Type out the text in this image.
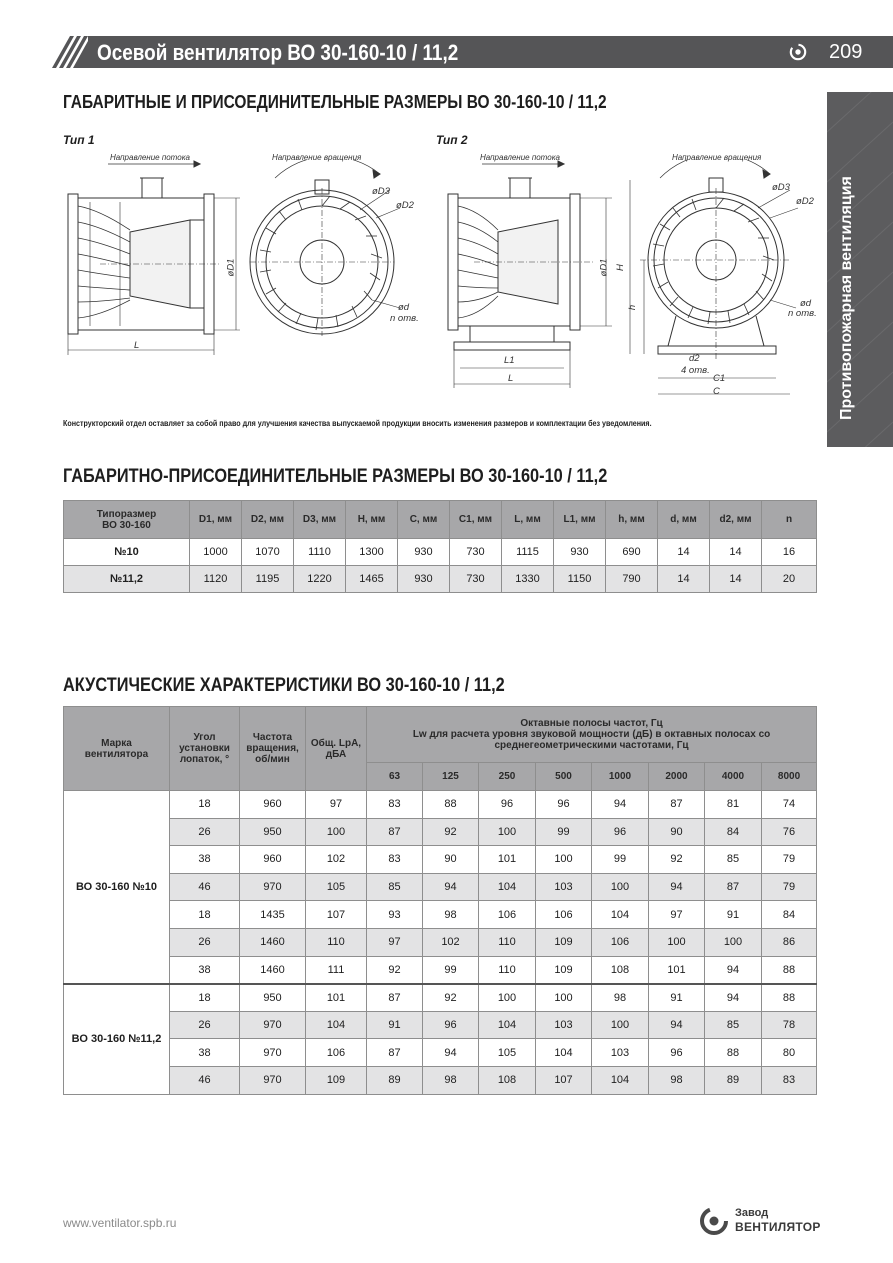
Осевой вентилятор ВО 30-160-10 / 11,2	209
Противопожарная вентиляция
ГАБАРИТНЫЕ И ПРИСОЕДИНИТЕЛЬНЫЕ РАЗМЕРЫ ВО 30-160-10 / 11,2
Тип 1	Тип 2
Направление потока
L
øD1
Направление вращения
øD3
øD2
ød
n отв.
Направление потока
L1
L
øD1
Направление вращения
H
h
øD3
øD2
ød
n отв.
d2
4 отв.
C1
C
Конструкторский отдел оставляет за собой право для улучшения качества выпускаемой продукции вносить изменения размеров и комплектации без уведомления.
ГАБАРИТНО-ПРИСОЕДИНИТЕЛЬНЫЕ РАЗМЕРЫ ВО 30-160-10 / 11,2
Типоразмер
ВО 30-160	D1, мм	D2, мм	D3, мм	H, мм	C, мм	C1, мм	L, мм	L1, мм	h, мм	d, мм	d2, мм	n
№10	1000	1070	1110	1300	930	730	1115	930	690	14	14	16
№11,2	1120	1195	1220	1465	930	730	1330	1150	790	14	14	20
АКУСТИЧЕСКИЕ ХАРАКТЕРИСТИКИ ВО 30-160-10 / 11,2
Марка
вентилятора	Угол
установки
лопаток, °	Частота
вращения,
об/мин	Общ. LpA,
дБА	Октавные полосы частот, Гц
Lw для расчета уровня звуковой мощности (дБ) в октавных полосах со
среднегеометрическими частотами, Гц							
				63	125	250	500	1000	2000	4000	8000
ВО 30-160 №10	18	960	97	83	88	96	96	94	87	81	74
	26	950	100	87	92	100	99	96	90	84	76
	38	960	102	83	90	101	100	99	92	85	79
	46	970	105	85	94	104	103	100	94	87	79
	18	1435	107	93	98	106	106	104	97	91	84
	26	1460	110	97	102	110	109	106	100	100	86
	38	1460	111	92	99	110	109	108	101	94	88
ВО 30-160 №11,2	18	950	101	87	92	100	100	98	91	94	88
	26	970	104	91	96	104	103	100	94	85	78
	38	970	106	87	94	105	104	103	96	88	80
	46	970	109	89	98	108	107	104	98	89	83
www.ventilator.spb.ru
Завод
ВЕНТИЛЯТОР
